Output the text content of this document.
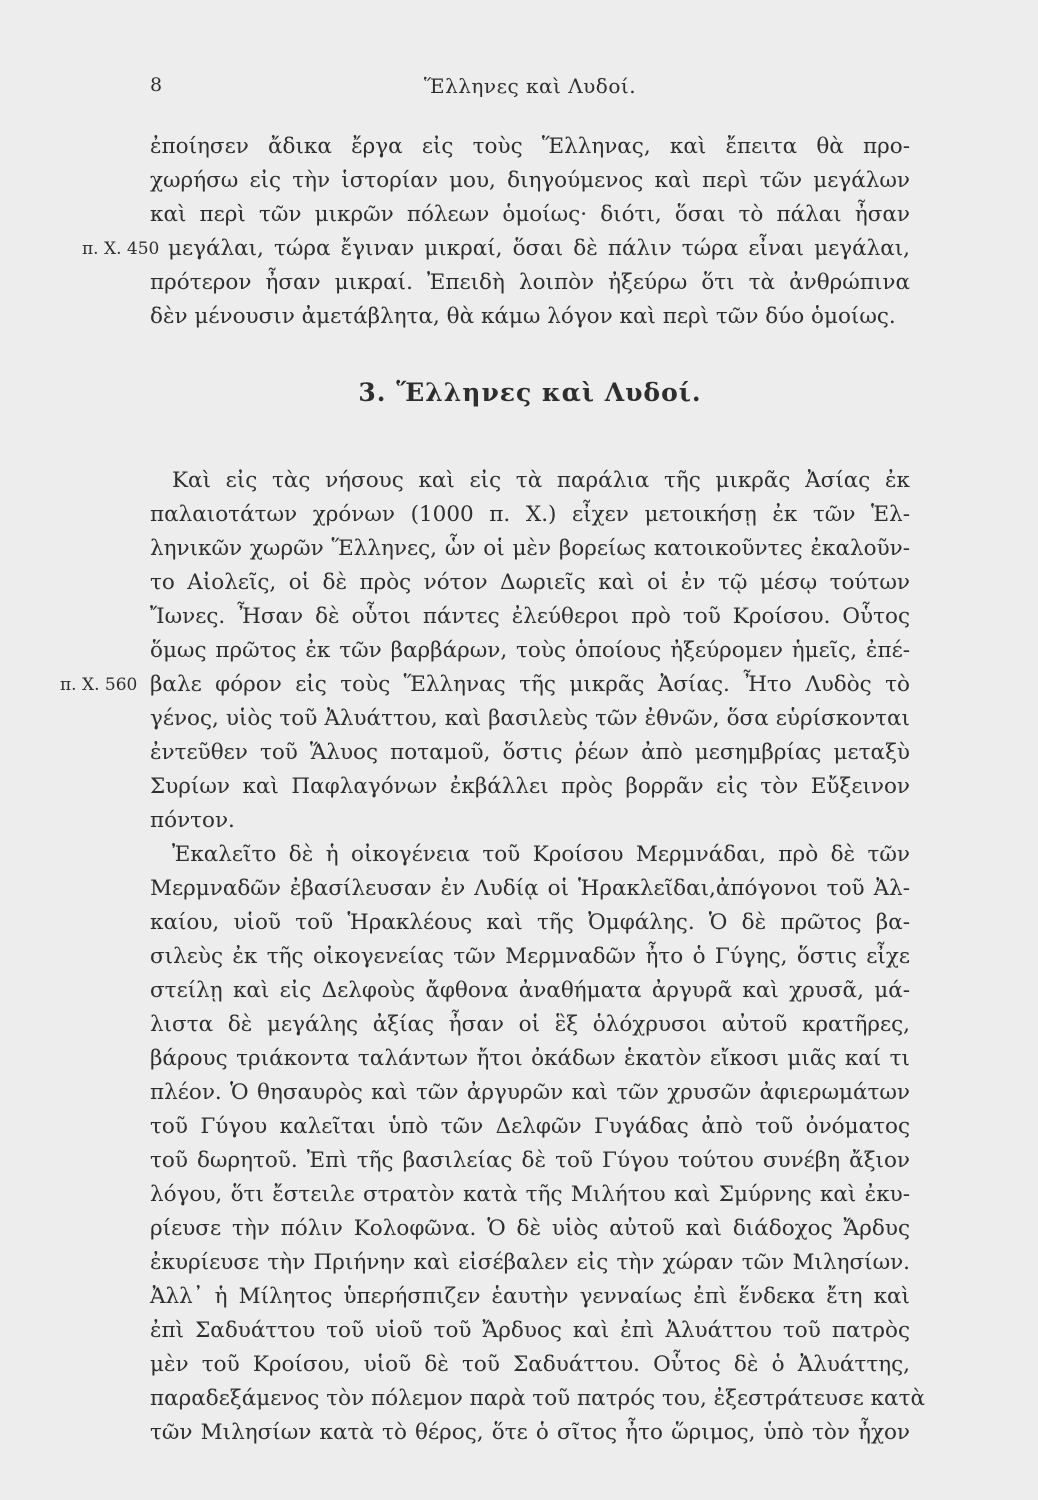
8	Ἕλληνες καὶ Λυδοί.
ἐποίησεν ἄδικα ἔργα εἰς τοὺς Ἕλληνας, καὶ ἔπειτα θὰ προ-
χωρήσω εἰς τὴν ἱστορίαν μου, διηγούμενος καὶ περὶ τῶν μεγάλων
καὶ περὶ τῶν μικρῶν πόλεων ὁμοίως· διότι, ὅσαι τὸ πάλαι ἦσαν
π. Χ. 450 μεγάλαι, τώρα ἔγιναν μικραί, ὅσαι δὲ πάλιν τώρα εἶναι μεγάλαι,
πρότερον ἦσαν μικραί. Ἐπειδὴ λοιπὸν ἠξεύρω ὅτι τὰ ἀνθρώπινα
δὲν μένουσιν ἀμετάβλητα, θὰ κάμω λόγον καὶ περὶ τῶν δύο ὁμοίως.
3. Ἕλληνες καὶ Λυδοί.
Καὶ εἰς τὰς νήσους καὶ εἰς τὰ παράλια τῆς μικρᾶς Ἀσίας ἐκ
παλαιοτάτων χρόνων (1000 π. Χ.) εἶχεν μετοικήσῃ ἐκ τῶν Ἑλ-
ληνικῶν χωρῶν Ἕλληνες, ὧν οἱ μὲν βορείως κατοικοῦντες ἐκαλοῦν-
το Αἰολεῖς, οἱ δὲ πρὸς νότον Δωριεῖς καὶ οἱ ἐν τῷ μέσῳ τούτων
Ἴωνες. Ἦσαν δὲ οὗτοι πάντες ἐλεύθεροι πρὸ τοῦ Κροίσου. Οὗτος
ὅμως πρῶτος ἐκ τῶν βαρβάρων, τοὺς ὁποίους ἠξεύρομεν ἡμεῖς, ἐπέ-
π. Χ. 560 βαλε φόρον εἰς τοὺς Ἕλληνας τῆς μικρᾶς Ἀσίας. Ἦτο Λυδὸς τὸ
γένος, υἱὸς τοῦ Ἀλυάττου, καὶ βασιλεὺς τῶν ἐθνῶν, ὅσα εὑρίσκονται
ἐντεῦθεν τοῦ Ἅλυος ποταμοῦ, ὅστις ῥέων ἀπὸ μεσημβρίας μεταξὺ
Συρίων καὶ Παφλαγόνων ἐκβάλλει πρὸς βορρᾶν εἰς τὸν Εὔξεινον
πόντον.
Ἐκαλεῖτο δὲ ἡ οἰκογένεια τοῦ Κροίσου Μερμνάδαι, πρὸ δὲ τῶν
Μερμναδῶν ἐβασίλευσαν ἐν Λυδίᾳ οἱ Ἡρακλεῖδαι,ἀπόγονοι τοῦ Ἀλ-
καίου, υἱοῦ τοῦ Ἡρακλέους καὶ τῆς Ὀμφάλης. Ὁ δὲ πρῶτος βα-
σιλεὺς ἐκ τῆς οἰκογενείας τῶν Μερμναδῶν ἦτο ὁ Γύγης, ὅστις εἶχε
στείλῃ καὶ εἰς Δελφοὺς ἄφθονα ἀναθήματα ἀργυρᾶ καὶ χρυσᾶ, μά-
λιστα δὲ μεγάλης ἀξίας ἦσαν οἱ ἓξ ὁλόχρυσοι αὐτοῦ κρατῆρες,
βάρους τριάκοντα ταλάντων ἤτοι ὀκάδων ἑκατὸν εἴκοσι μιᾶς καί τι
πλέον. Ὁ θησαυρὸς καὶ τῶν ἀργυρῶν καὶ τῶν χρυσῶν ἀφιερωμάτων
τοῦ Γύγου καλεῖται ὑπὸ τῶν Δελφῶν Γυγάδας ἀπὸ τοῦ ὀνόματος
τοῦ δωρητοῦ. Ἐπὶ τῆς βασιλείας δὲ τοῦ Γύγου τούτου συνέβη ἄξιον
λόγου, ὅτι ἔστειλε στρατὸν κατὰ τῆς Μιλήτου καὶ Σμύρνης καὶ ἐκυ-
ρίευσε τὴν πόλιν Κολοφῶνα. Ὁ δὲ υἱὸς αὐτοῦ καὶ διάδοχος Ἄρδυς
ἐκυρίευσε τὴν Πριήνην καὶ εἰσέβαλεν εἰς τὴν χώραν τῶν Μιλησίων.
Ἀλλ᾽ ἡ Μίλητος ὑπερήσπιζεν ἑαυτὴν γενναίως ἐπὶ ἕνδεκα ἔτη καὶ
ἐπὶ Σαδυάττου τοῦ υἱοῦ τοῦ Ἄρδυος καὶ ἐπὶ Ἀλυάττου τοῦ πατρὸς
μὲν τοῦ Κροίσου, υἱοῦ δὲ τοῦ Σαδυάττου. Οὗτος δὲ ὁ Ἀλυάττης,
παραδεξάμενος τὸν πόλεμον παρὰ τοῦ πατρός του, ἐξεστράτευσε κατὰ
τῶν Μιλησίων κατὰ τὸ θέρος, ὅτε ὁ σῖτος ἦτο ὥριμος, ὑπὸ τὸν ἦχον
